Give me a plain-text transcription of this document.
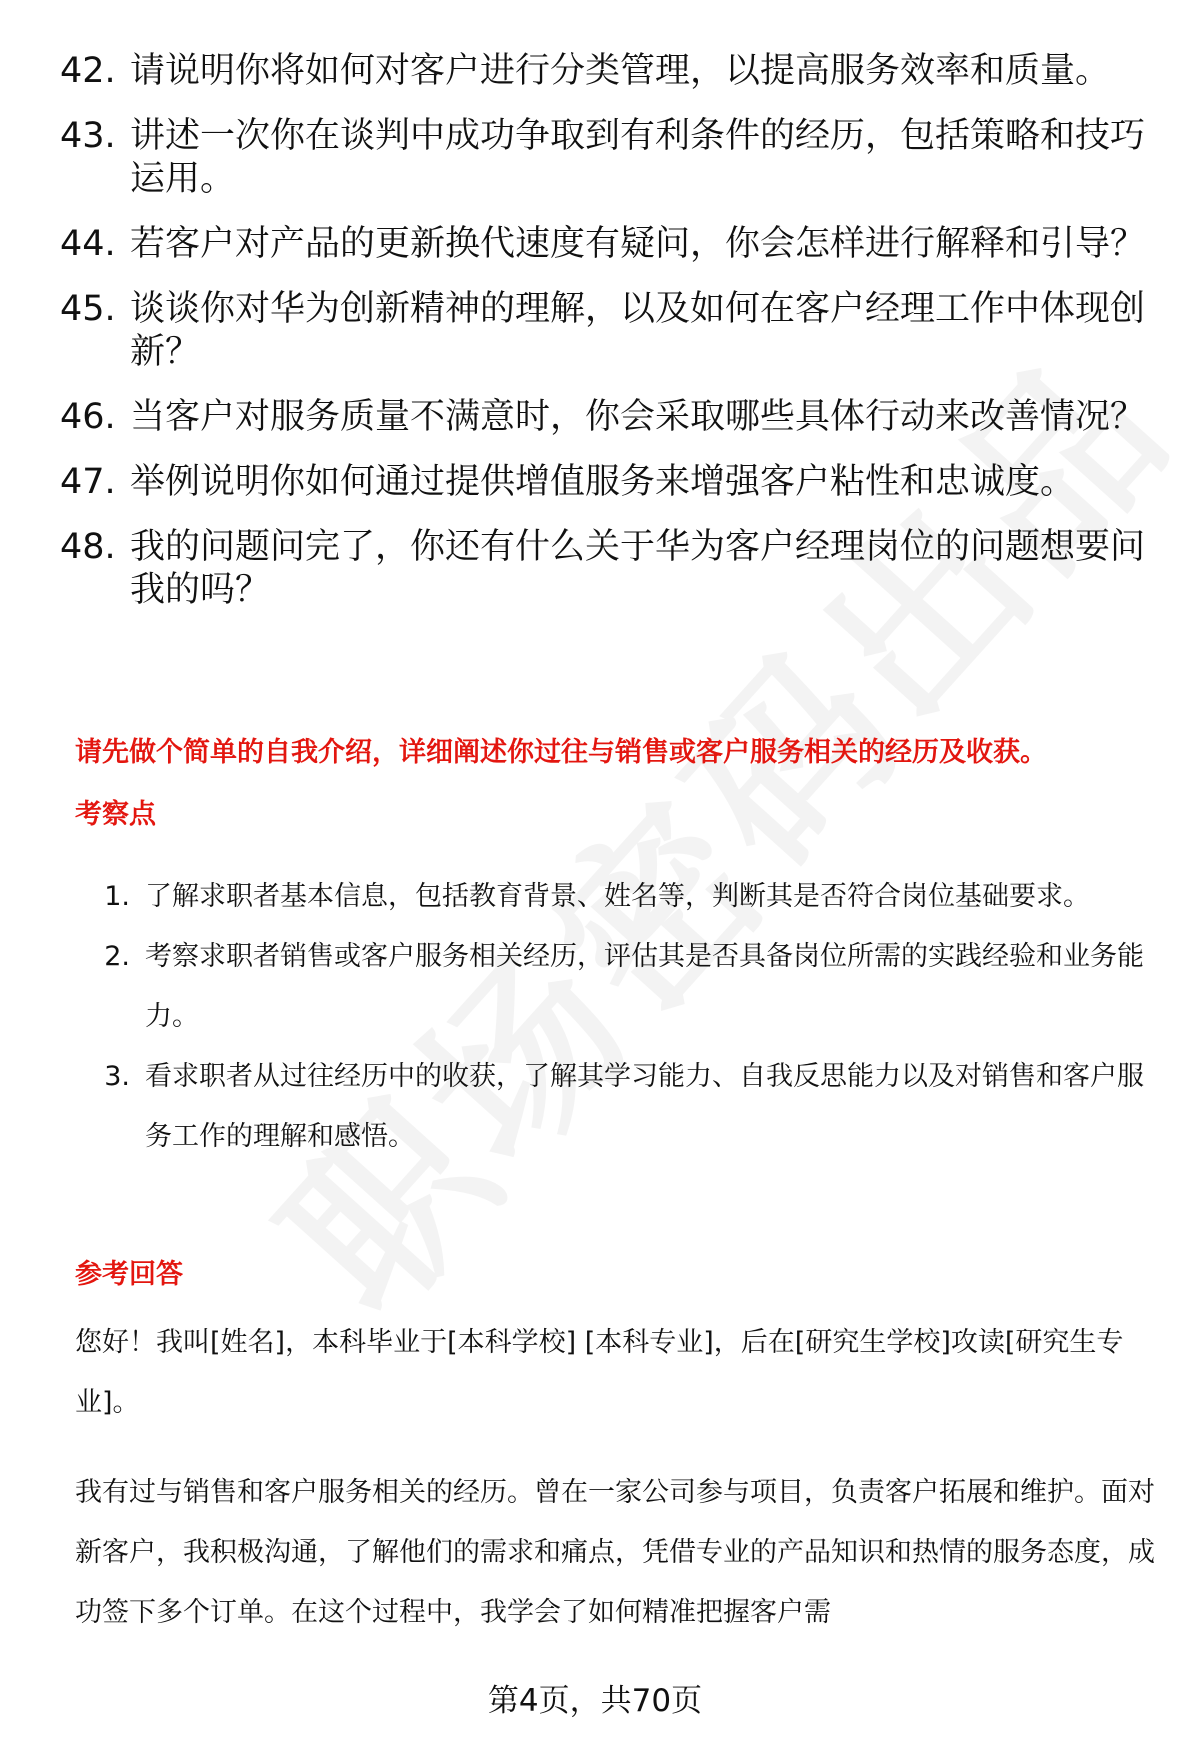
42. 请说明你将如何对客户进行分类管理，以提高服务效率和质量。
43. 讲述一次你在谈判中成功争取到有利条件的经历，包括策略和技巧运用。
44. 若客户对产品的更新换代速度有疑问，你会怎样进行解释和引导？
45. 谈谈你对华为创新精神的理解，以及如何在客户经理工作中体现创新？
46. 当客户对服务质量不满意时，你会采取哪些具体行动来改善情况？
47. 举例说明你如何通过提供增值服务来增强客户粘性和忠诚度。
48. 我的问题问完了，你还有什么关于华为客户经理岗位的问题想要问我的吗？
请先做个简单的自我介绍，详细阐述你过往与销售或客户服务相关的经历及收获。
考察点
1. 了解求职者基本信息，包括教育背景、姓名等，判断其是否符合岗位基础要求。
2. 考察求职者销售或客户服务相关经历，评估其是否具备岗位所需的实践经验和业务能力。
3. 看求职者从过往经历中的收获，了解其学习能力、自我反思能力以及对销售和客户服务工作的理解和感悟。
参考回答

您好！我叫[姓名]，本科毕业于[本科学校] [本科专业]，后在[研究生学校]攻读[研究生专业]。

我有过与销售和客户服务相关的经历。曾在一家公司参与项目，负责客户拓展和维护。面对新客户，我积极沟通，了解他们的需求和痛点，凭借专业的产品知识和热情的服务态度，成功签下多个订单。在这个过程中，我学会了如何精准把握客户需

第4页，共70页
